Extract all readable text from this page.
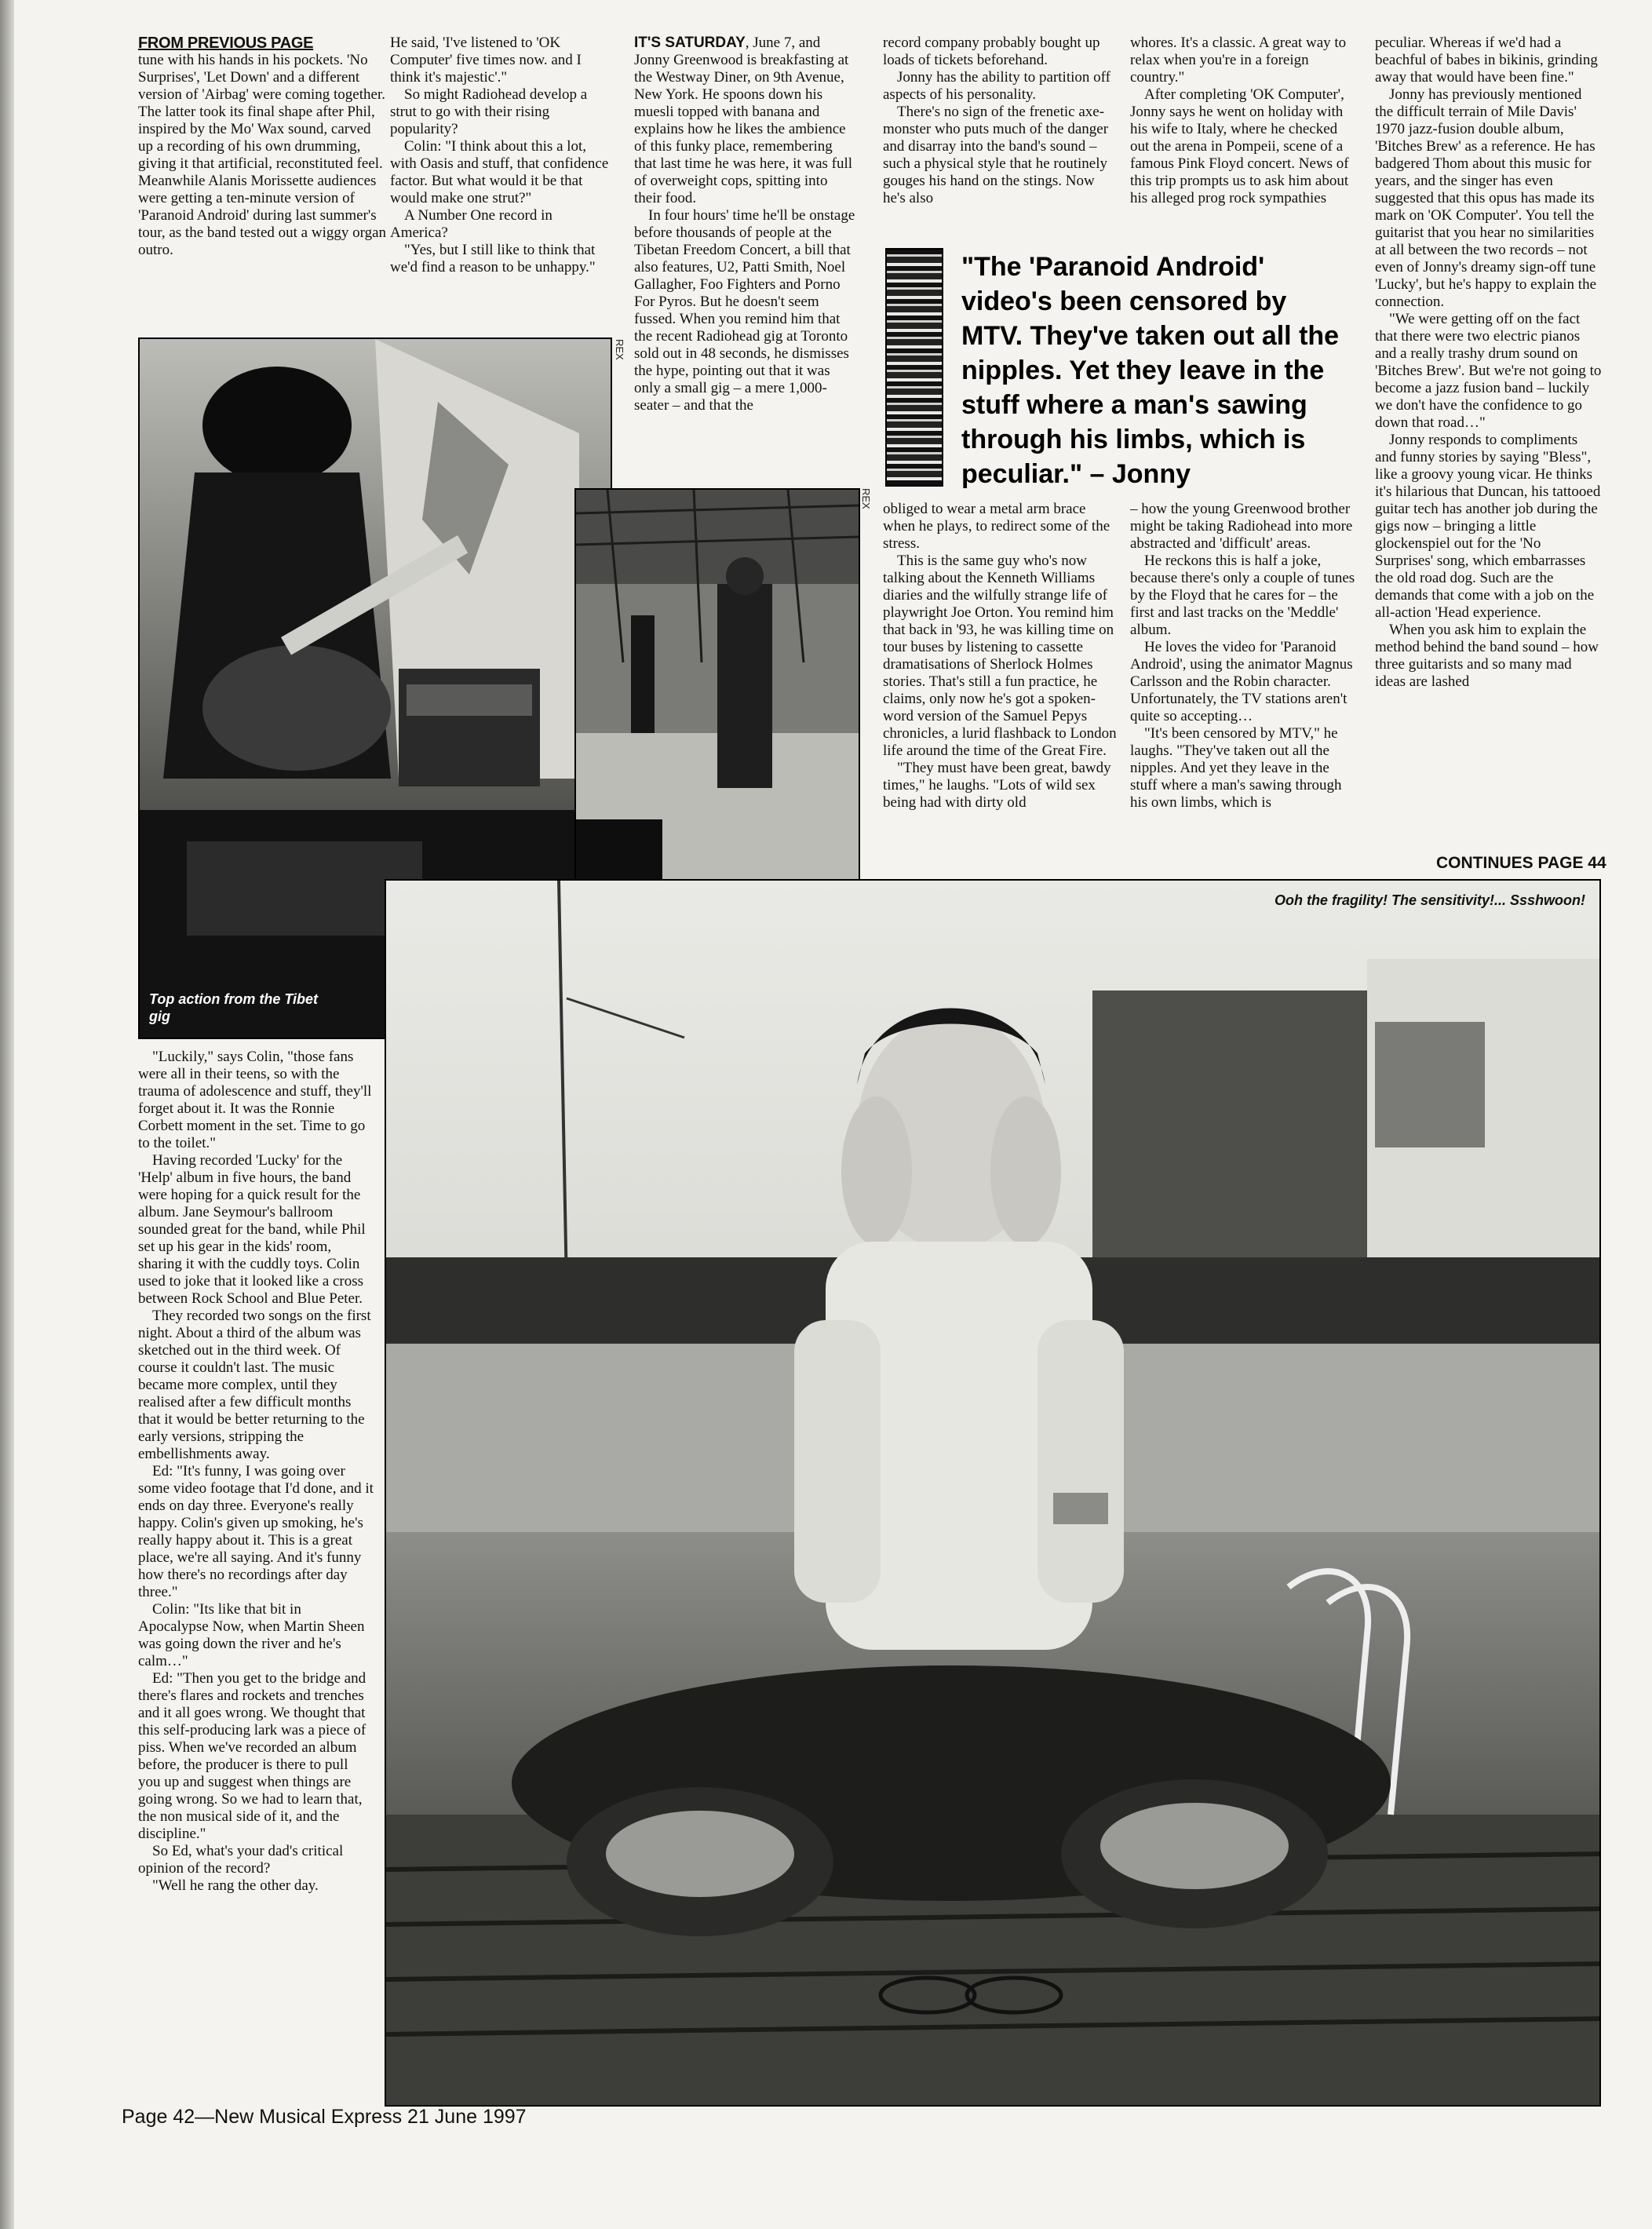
FROM PREVIOUS PAGE

tune with his hands in his pockets. 'No Surprises', 'Let Down' and a different version of 'Airbag' were coming together. The latter took its final shape after Phil, inspired by the Mo' Wax sound, carved up a recording of his own drumming, giving it that artificial, reconstituted feel. Meanwhile Alanis Morissette audiences were getting a ten-minute version of 'Paranoid Android' during last summer's tour, as the band tested out a wiggy organ outro.

He said, 'I've listened to 'OK Computer' five times now. and I think it's majestic'."

So might Radiohead develop a strut to go with their rising popularity?

Colin: "I think about this a lot, with Oasis and stuff, that confidence factor. But what would it be that would make one strut?"

A Number One record in America?

"Yes, but I still like to think that we'd find a reason to be unhappy."

IT'S SATURDAY, June 7, and Jonny Greenwood is breakfasting at the Westway Diner, on 9th Avenue, New York. He spoons down his muesli topped with banana and explains how he likes the ambience of this funky place, remembering that last time he was here, it was full of overweight cops, spitting into their food.

In four hours' time he'll be onstage before thousands of people at the Tibetan Freedom Concert, a bill that also features, U2, Patti Smith, Noel Gallagher, Foo Fighters and Porno For Pyros. But he doesn't seem fussed. When you remind him that the recent Radiohead gig at Toronto sold out in 48 seconds, he dismisses the hype, pointing out that it was only a small gig – a mere 1,000-seater – and that the

record company probably bought up loads of tickets beforehand.

Jonny has the ability to partition off aspects of his personality.

There's no sign of the frenetic axe-monster who puts much of the danger and disarray into the band's sound – such a physical style that he routinely gouges his hand on the stings. Now he's also

whores. It's a classic. A great way to relax when you're in a foreign country."

After completing 'OK Computer', Jonny says he went on holiday with his wife to Italy, where he checked out the arena in Pompeii, scene of a famous Pink Floyd concert. News of this trip prompts us to ask him about his alleged prog rock sympathies

peculiar. Whereas if we'd had a beachful of babes in bikinis, grinding away that would have been fine."

Jonny has previously mentioned the difficult terrain of Mile Davis' 1970 jazz-fusion double album, 'Bitches Brew' as a reference. He has badgered Thom about this music for years, and the singer has even suggested that this opus has made its mark on 'OK Computer'. You tell the guitarist that you hear no similarities at all between the two records – not even of Jonny's dreamy sign-off tune 'Lucky', but he's happy to explain the connection.

"We were getting off on the fact that there were two electric pianos and a really trashy drum sound on 'Bitches Brew'. But we're not going to become a jazz fusion band – luckily we don't have the confidence to go down that road…"

Jonny responds to compliments and funny stories by saying "Bless", like a groovy young vicar. He thinks it's hilarious that Duncan, his tattooed guitar tech has another job during the gigs now – bringing a little glockenspiel out for the 'No Surprises' song, which embarrasses the old road dog. Such are the demands that come with a job on the all-action 'Head experience.

When you ask him to explain the method behind the band sound – how three guitarists and so many mad ideas are lashed

CONTINUES PAGE 44
"The 'Paranoid Android' video's been censored by MTV. They've taken out all the nipples. Yet they leave in the stuff where a man's sawing through his limbs, which is peculiar." – Jonny

obliged to wear a metal arm brace when he plays, to redirect some of the stress.

This is the same guy who's now talking about the Kenneth Williams diaries and the wilfully strange life of playwright Joe Orton. You remind him that back in '93, he was killing time on tour buses by listening to cassette dramatisations of Sherlock Holmes stories. That's still a fun practice, he claims, only now he's got a spoken-word version of the Samuel Pepys chronicles, a lurid flashback to London life around the time of the Great Fire.

"They must have been great, bawdy times," he laughs. "Lots of wild sex being had with dirty old

– how the young Greenwood brother might be taking Radiohead into more abstracted and 'difficult' areas.

He reckons this is half a joke, because there's only a couple of tunes by the Floyd that he cares for – the first and last tracks on the 'Meddle' album.

He loves the video for 'Paranoid Android', using the animator Magnus Carlsson and the Robin character. Unfortunately, the TV stations aren't quite so accepting…

"It's been censored by MTV," he laughs. "They've taken out all the nipples. And yet they leave in the stuff where a man's sawing through his own limbs, which is

Top action from the Tibet gig
REX
REX
Ooh the fragility! The sensitivity!... Ssshwoon!

"Luckily," says Colin, "those fans were all in their teens, so with the trauma of adolescence and stuff, they'll forget about it. It was the Ronnie Corbett moment in the set. Time to go to the toilet."

Having recorded 'Lucky' for the 'Help' album in five hours, the band were hoping for a quick result for the album. Jane Seymour's ballroom sounded great for the band, while Phil set up his gear in the kids' room, sharing it with the cuddly toys. Colin used to joke that it looked like a cross between Rock School and Blue Peter.

They recorded two songs on the first night. About a third of the album was sketched out in the third week. Of course it couldn't last. The music became more complex, until they realised after a few difficult months that it would be better returning to the early versions, stripping the embellishments away.

Ed: "It's funny, I was going over some video footage that I'd done, and it ends on day three. Everyone's really happy. Colin's given up smoking, he's really happy about it. This is a great place, we're all saying. And it's funny how there's no recordings after day three."

Colin: "Its like that bit in Apocalypse Now, when Martin Sheen was going down the river and he's calm…"

Ed: "Then you get to the bridge and there's flares and rockets and trenches and it all goes wrong. We thought that this self-producing lark was a piece of piss. When we've recorded an album before, the producer is there to pull you up and suggest when things are going wrong. So we had to learn that, the non musical side of it, and the discipline."

So Ed, what's your dad's critical opinion of the record?

"Well he rang the other day.

Page 42—New Musical Express 21 June 1997
